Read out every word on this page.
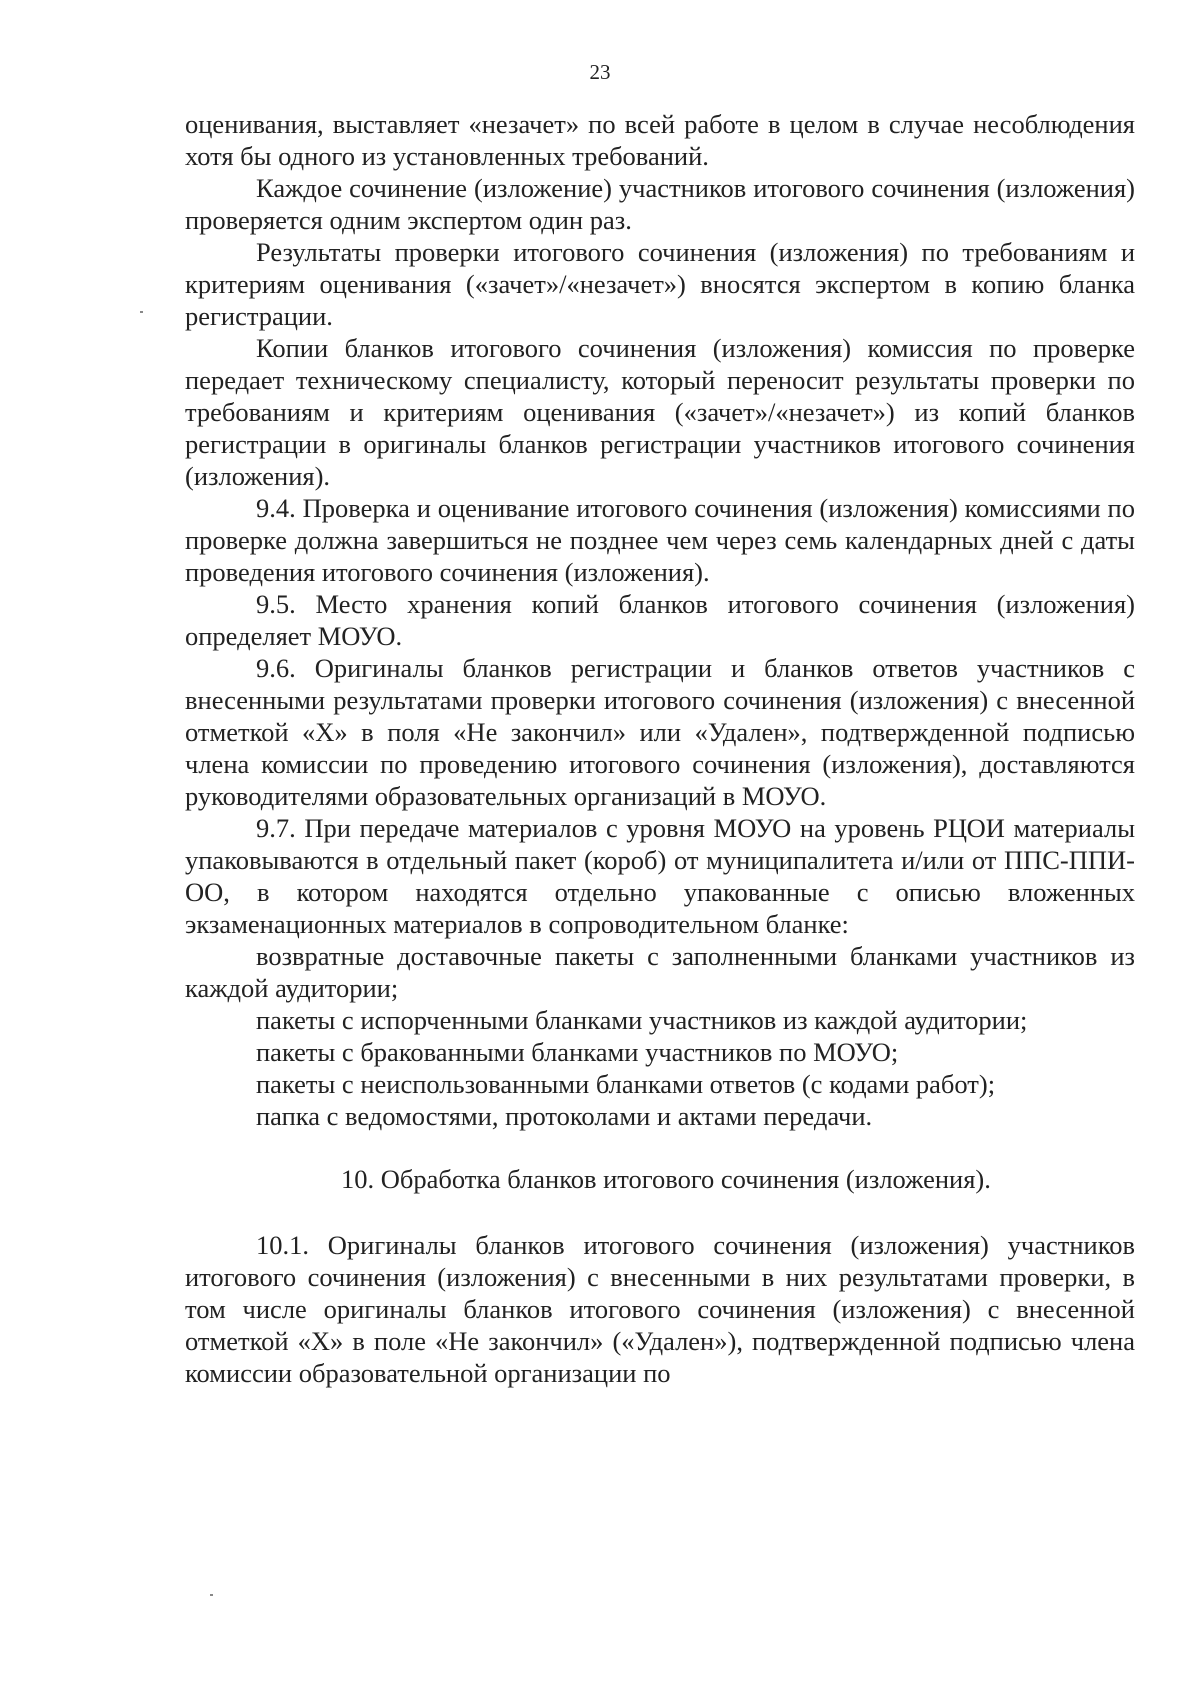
23

оценивания, выставляет «незачет» по всей работе в целом в случае несоблюдения хотя бы одного из установленных требований.

Каждое сочинение (изложение) участников итогового сочинения (изложения) проверяется одним экспертом один раз.

Результаты проверки итогового сочинения (изложения) по требованиям и критериям оценивания («зачет»/«незачет») вносятся экспертом в копию бланка регистрации.

Копии бланков итогового сочинения (изложения) комиссия по проверке передает техническому специалисту, который переносит результаты проверки по требованиям и критериям оценивания («зачет»/«незачет») из копий бланков регистрации в оригиналы бланков регистрации участников итогового сочинения (изложения).

9.4. Проверка и оценивание итогового сочинения (изложения) комиссиями по проверке должна завершиться не позднее чем через семь календарных дней с даты проведения итогового сочинения (изложения).

9.5. Место хранения копий бланков итогового сочинения (изложения) определяет МОУО.

9.6. Оригиналы бланков регистрации и бланков ответов участников с внесенными результатами проверки итогового сочинения (изложения) с внесенной отметкой «X» в поля «Не закончил» или «Удален», подтвержденной подписью члена комиссии по проведению итогового сочинения (изложения), доставляются руководителями образовательных организаций в МОУО.

9.7. При передаче материалов с уровня МОУО на уровень РЦОИ материалы упаковываются в отдельный пакет (короб) от муниципалитета и/или от ППС-ППИ-ОО, в котором находятся отдельно упакованные с описью вложенных экзаменационных материалов в сопроводительном бланке:

возвратные доставочные пакеты с заполненными бланками участников из каждой аудитории;

пакеты с испорченными бланками участников из каждой аудитории;

пакеты с бракованными бланками участников по МОУО;

пакеты с неиспользованными бланками ответов (с кодами работ);

папка с ведомостями, протоколами и актами передачи.

10. Обработка бланков итогового сочинения (изложения).

10.1. Оригиналы бланков итогового сочинения (изложения) участников итогового сочинения (изложения) с внесенными в них результатами проверки, в том числе оригиналы бланков итогового сочинения (изложения) с внесенной отметкой «X» в поле «Не закончил» («Удален»), подтвержденной подписью члена комиссии образовательной организации по
